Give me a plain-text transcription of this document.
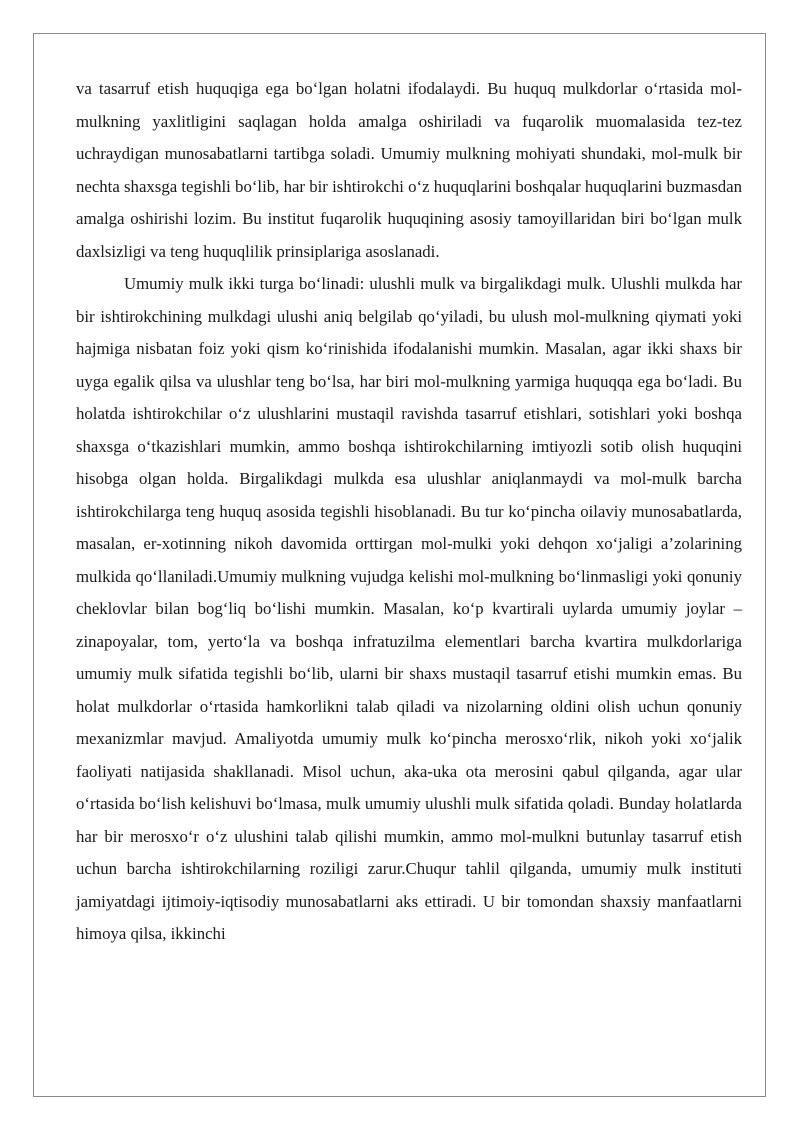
va tasarruf etish huquqiga ega bo‘lgan holatni ifodalaydi. Bu huquq mulkdorlar o‘rtasida mol-mulkning yaxlitligini saqlagan holda amalga oshiriladi va fuqarolik muomalasida tez-tez uchraydigan munosabatlarni tartibga soladi. Umumiy mulkning mohiyati shundaki, mol-mulk bir nechta shaxsga tegishli bo‘lib, har bir ishtirokchi o‘z huquqlarini boshqalar huquqlarini buzmasdan amalga oshirishi lozim. Bu institut fuqarolik huquqining asosiy tamoyillaridan biri bo‘lgan mulk daxlsizligi va teng huquqlilik prinsiplariga asoslanadi.

Umumiy mulk ikki turga bo‘linadi: ulushli mulk va birgalikdagi mulk. Ulushli mulkda har bir ishtirokchining mulkdagi ulushi aniq belgilab qo‘yiladi, bu ulush mol-mulkning qiymati yoki hajmiga nisbatan foiz yoki qism ko‘rinishida ifodalanishi mumkin. Masalan, agar ikki shaxs bir uyga egalik qilsa va ulushlar teng bo‘lsa, har biri mol-mulkning yarmiga huquqqa ega bo‘ladi. Bu holatda ishtirokchilar o‘z ulushlarini mustaqil ravishda tasarruf etishlari, sotishlari yoki boshqa shaxsga o‘tkazishlari mumkin, ammo boshqa ishtirokchilarning imtiyozli sotib olish huquqini hisobga olgan holda. Birgalikdagi mulkda esa ulushlar aniqlanmaydi va mol-mulk barcha ishtirokchilarga teng huquq asosida tegishli hisoblanadi. Bu tur ko‘pincha oilaviy munosabatlarda, masalan, er-xotinning nikoh davomida orttirgan mol-mulki yoki dehqon xo‘jaligi a’zolarining mulkida qo‘llaniladi.Umumiy mulkning vujudga kelishi mol-mulkning bo‘linmasligi yoki qonuniy cheklovlar bilan bog‘liq bo‘lishi mumkin. Masalan, ko‘p kvartirali uylarda umumiy joylar – zinapoyalar, tom, yerto‘la va boshqa infratuzilma elementlari barcha kvartira mulkdorlariga umumiy mulk sifatida tegishli bo‘lib, ularni bir shaxs mustaqil tasarruf etishi mumkin emas. Bu holat mulkdorlar o‘rtasida hamkorlikni talab qiladi va nizolarning oldini olish uchun qonuniy mexanizmlar mavjud. Amaliyotda umumiy mulk ko‘pincha merosxo‘rlik, nikoh yoki xo‘jalik faoliyati natijasida shakllanadi. Misol uchun, aka-uka ota merosini qabul qilganda, agar ular o‘rtasida bo‘lish kelishuvi bo‘lmasa, mulk umumiy ulushli mulk sifatida qoladi. Bunday holatlarda har bir merosxo‘r o‘z ulushini talab qilishi mumkin, ammo mol-mulkni butunlay tasarruf etish uchun barcha ishtirokchilarning roziligi zarur.Chuqur tahlil qilganda, umumiy mulk instituti jamiyatdagi ijtimoiy-iqtisodiy munosabatlarni aks ettiradi. U bir tomondan shaxsiy manfaatlarni himoya qilsa, ikkinchi
